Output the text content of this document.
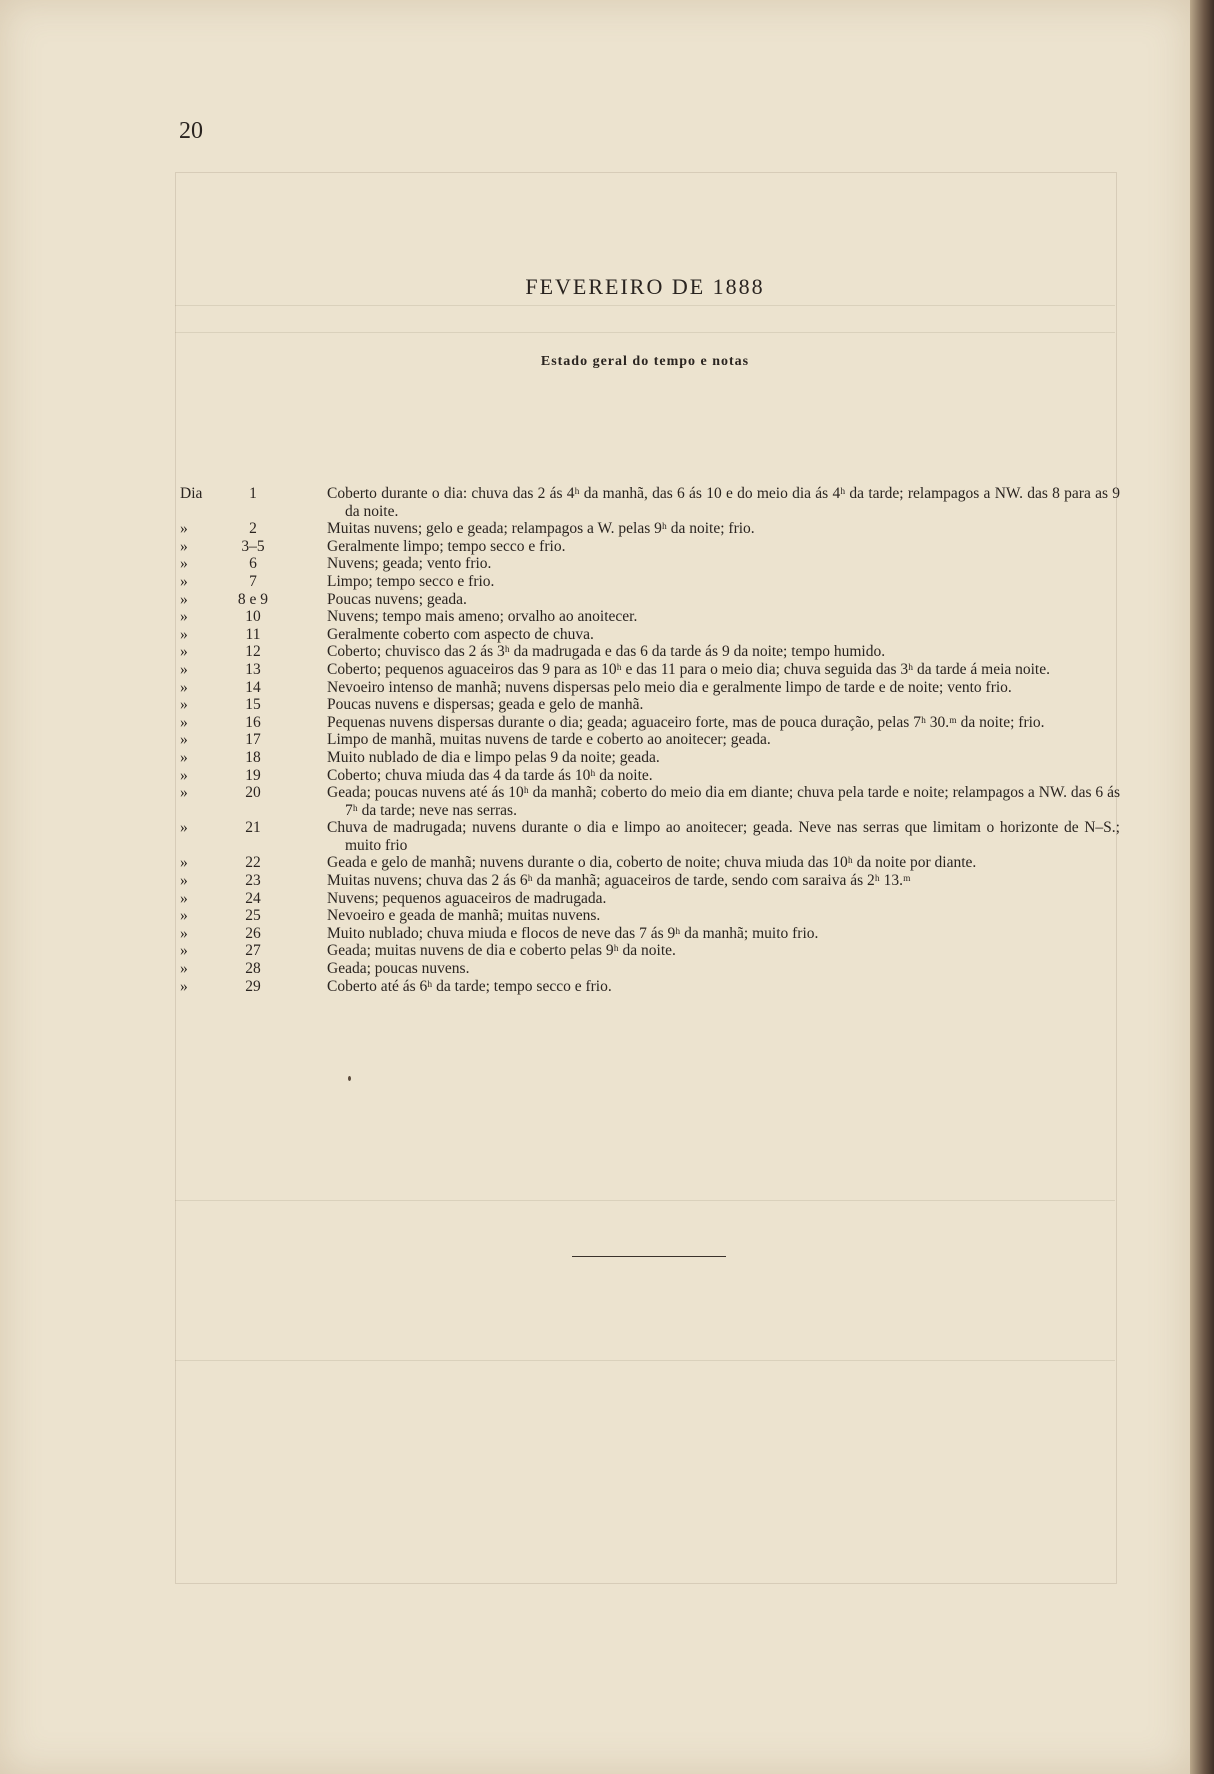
20
FEVEREIRO DE 1888
Estado geral do tempo e notas
Dia	1	Coberto durante o dia: chuva das 2 ás 4ʰ da manhã, das 6 ás 10 e do meio dia ás 4ʰ da tarde; relampagos a NW. das 8 para as 9 da noite.
»	2	Muitas nuvens; gelo e geada; relampagos a W. pelas 9ʰ da noite; frio.
»	3–5	Geralmente limpo; tempo secco e frio.
»	6	Nuvens; geada; vento frio.
»	7	Limpo; tempo secco e frio.
»	8 e 9	Poucas nuvens; geada.
»	10	Nuvens; tempo mais ameno; orvalho ao anoitecer.
»	11	Geralmente coberto com aspecto de chuva.
»	12	Coberto; chuvisco das 2 ás 3ʰ da madrugada e das 6 da tarde ás 9 da noite; tempo humido.
»	13	Coberto; pequenos aguaceiros das 9 para as 10ʰ e das 11 para o meio dia; chuva seguida das 3ʰ da tarde á meia noite.
»	14	Nevoeiro intenso de manhã; nuvens dispersas pelo meio dia e geralmente limpo de tarde e de noite; vento frio.
»	15	Poucas nuvens e dispersas; geada e gelo de manhã.
»	16	Pequenas nuvens dispersas durante o dia; geada; aguaceiro forte, mas de pouca duração, pelas 7ʰ 30.ᵐ da noite; frio.
»	17	Limpo de manhã, muitas nuvens de tarde e coberto ao anoitecer; geada.
»	18	Muito nublado de dia e limpo pelas 9 da noite; geada.
»	19	Coberto; chuva miuda das 4 da tarde ás 10ʰ da noite.
»	20	Geada; poucas nuvens até ás 10ʰ da manhã; coberto do meio dia em diante; chuva pela tarde e noite; relampagos a NW. das 6 ás 7ʰ da tarde; neve nas serras.
»	21	Chuva de madrugada; nuvens durante o dia e limpo ao anoitecer; geada. Neve nas serras que limitam o horizonte de N–S.; muito frio
»	22	Geada e gelo de manhã; nuvens durante o dia, coberto de noite; chuva miuda das 10ʰ da noite por diante.
»	23	Muitas nuvens; chuva das 2 ás 6ʰ da manhã; aguaceiros de tarde, sendo com saraiva ás 2ʰ 13.ᵐ
»	24	Nuvens; pequenos aguaceiros de madrugada.
»	25	Nevoeiro e geada de manhã; muitas nuvens.
»	26	Muito nublado; chuva miuda e flocos de neve das 7 ás 9ʰ da manhã; muito frio.
»	27	Geada; muitas nuvens de dia e coberto pelas 9ʰ da noite.
»	28	Geada; poucas nuvens.
»	29	Coberto até ás 6ʰ da tarde; tempo secco e frio.
